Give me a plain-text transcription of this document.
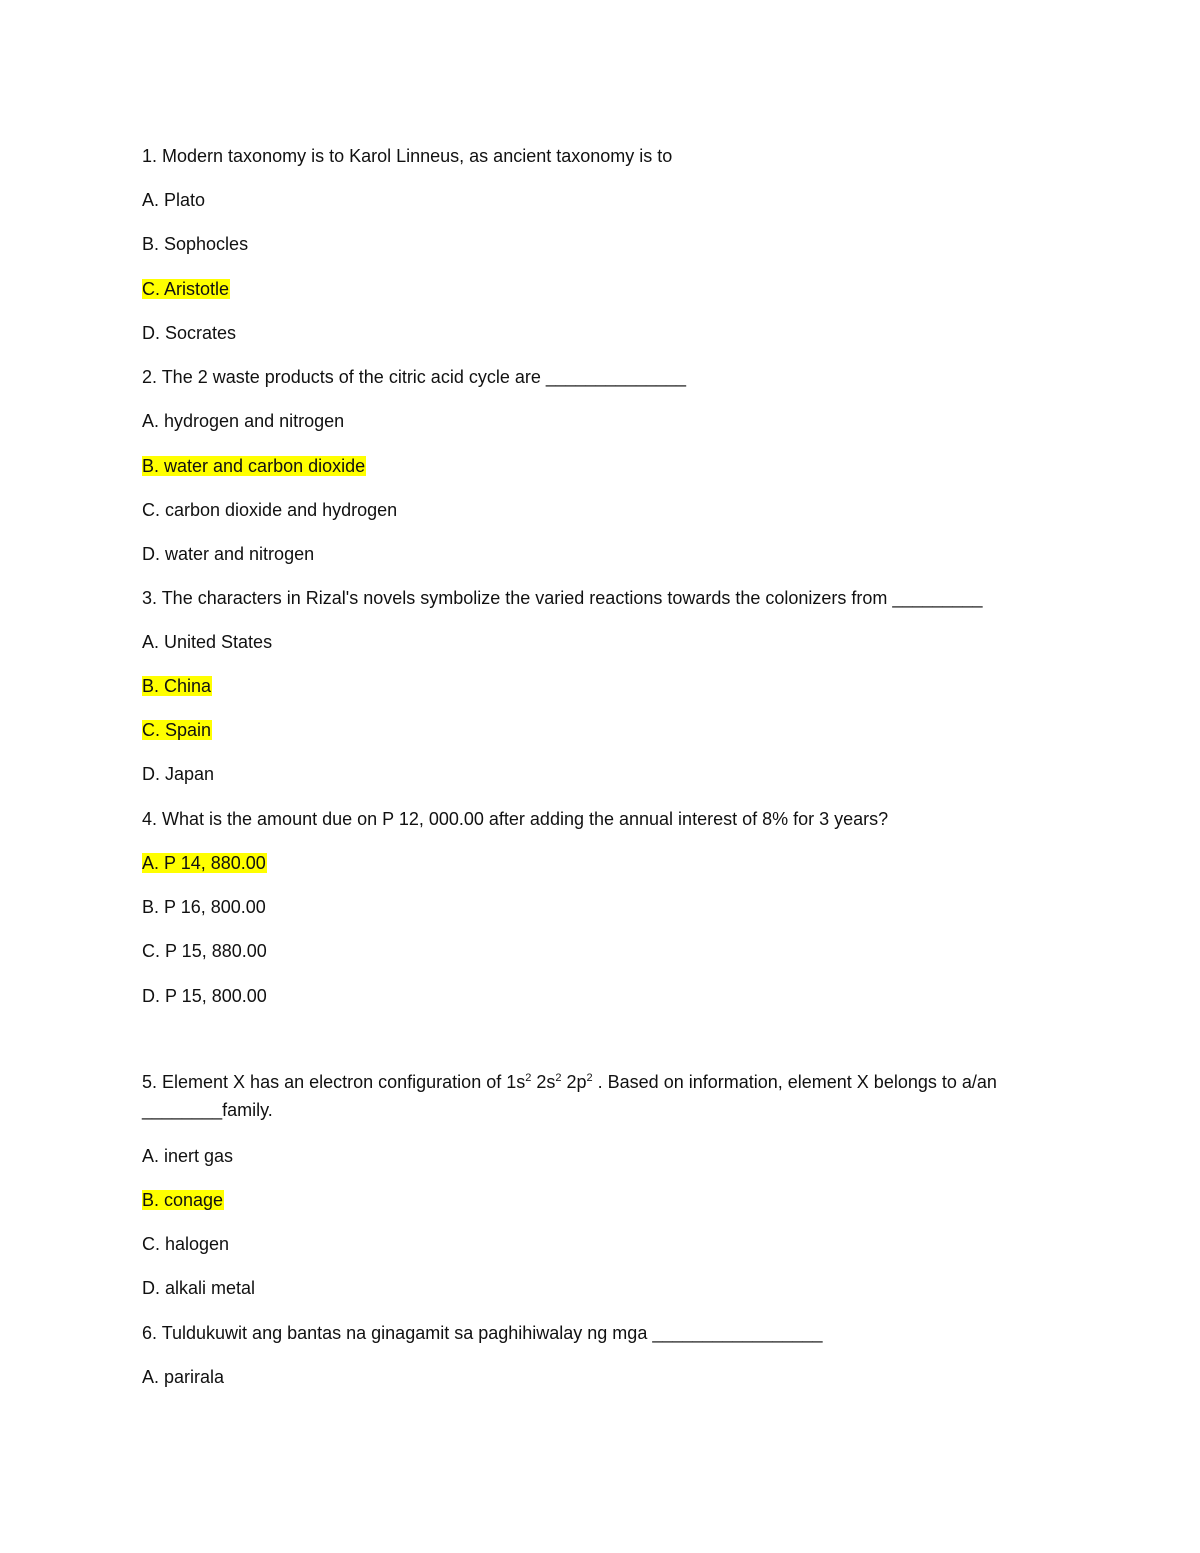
1. Modern taxonomy is to Karol Linneus, as ancient taxonomy is to
A. Plato
B. Sophocles
C. Aristotle
D. Socrates
2. The 2 waste products of the citric acid cycle are ______________
A. hydrogen and nitrogen
B. water and carbon dioxide
C. carbon dioxide and hydrogen
D. water and nitrogen
3. The characters in Rizal's novels symbolize the varied reactions towards the colonizers from _________
A. United States
B. China
C. Spain
D. Japan
4. What is the amount due on P 12, 000.00 after adding the annual interest of 8% for 3 years?
A. P 14, 880.00
B. P 16, 800.00
C. P 15, 880.00
D. P 15, 800.00
5. Element X has an electron configuration of $1s^2$ $2s^2$ $2p^2$ . Based on information, element X belongs to a/an ________family.
A. inert gas
B. conage
C. halogen
D. alkali metal
6. Tuldukuwit ang bantas na ginagamit sa paghihiwalay ng mga _________________
A. parirala
